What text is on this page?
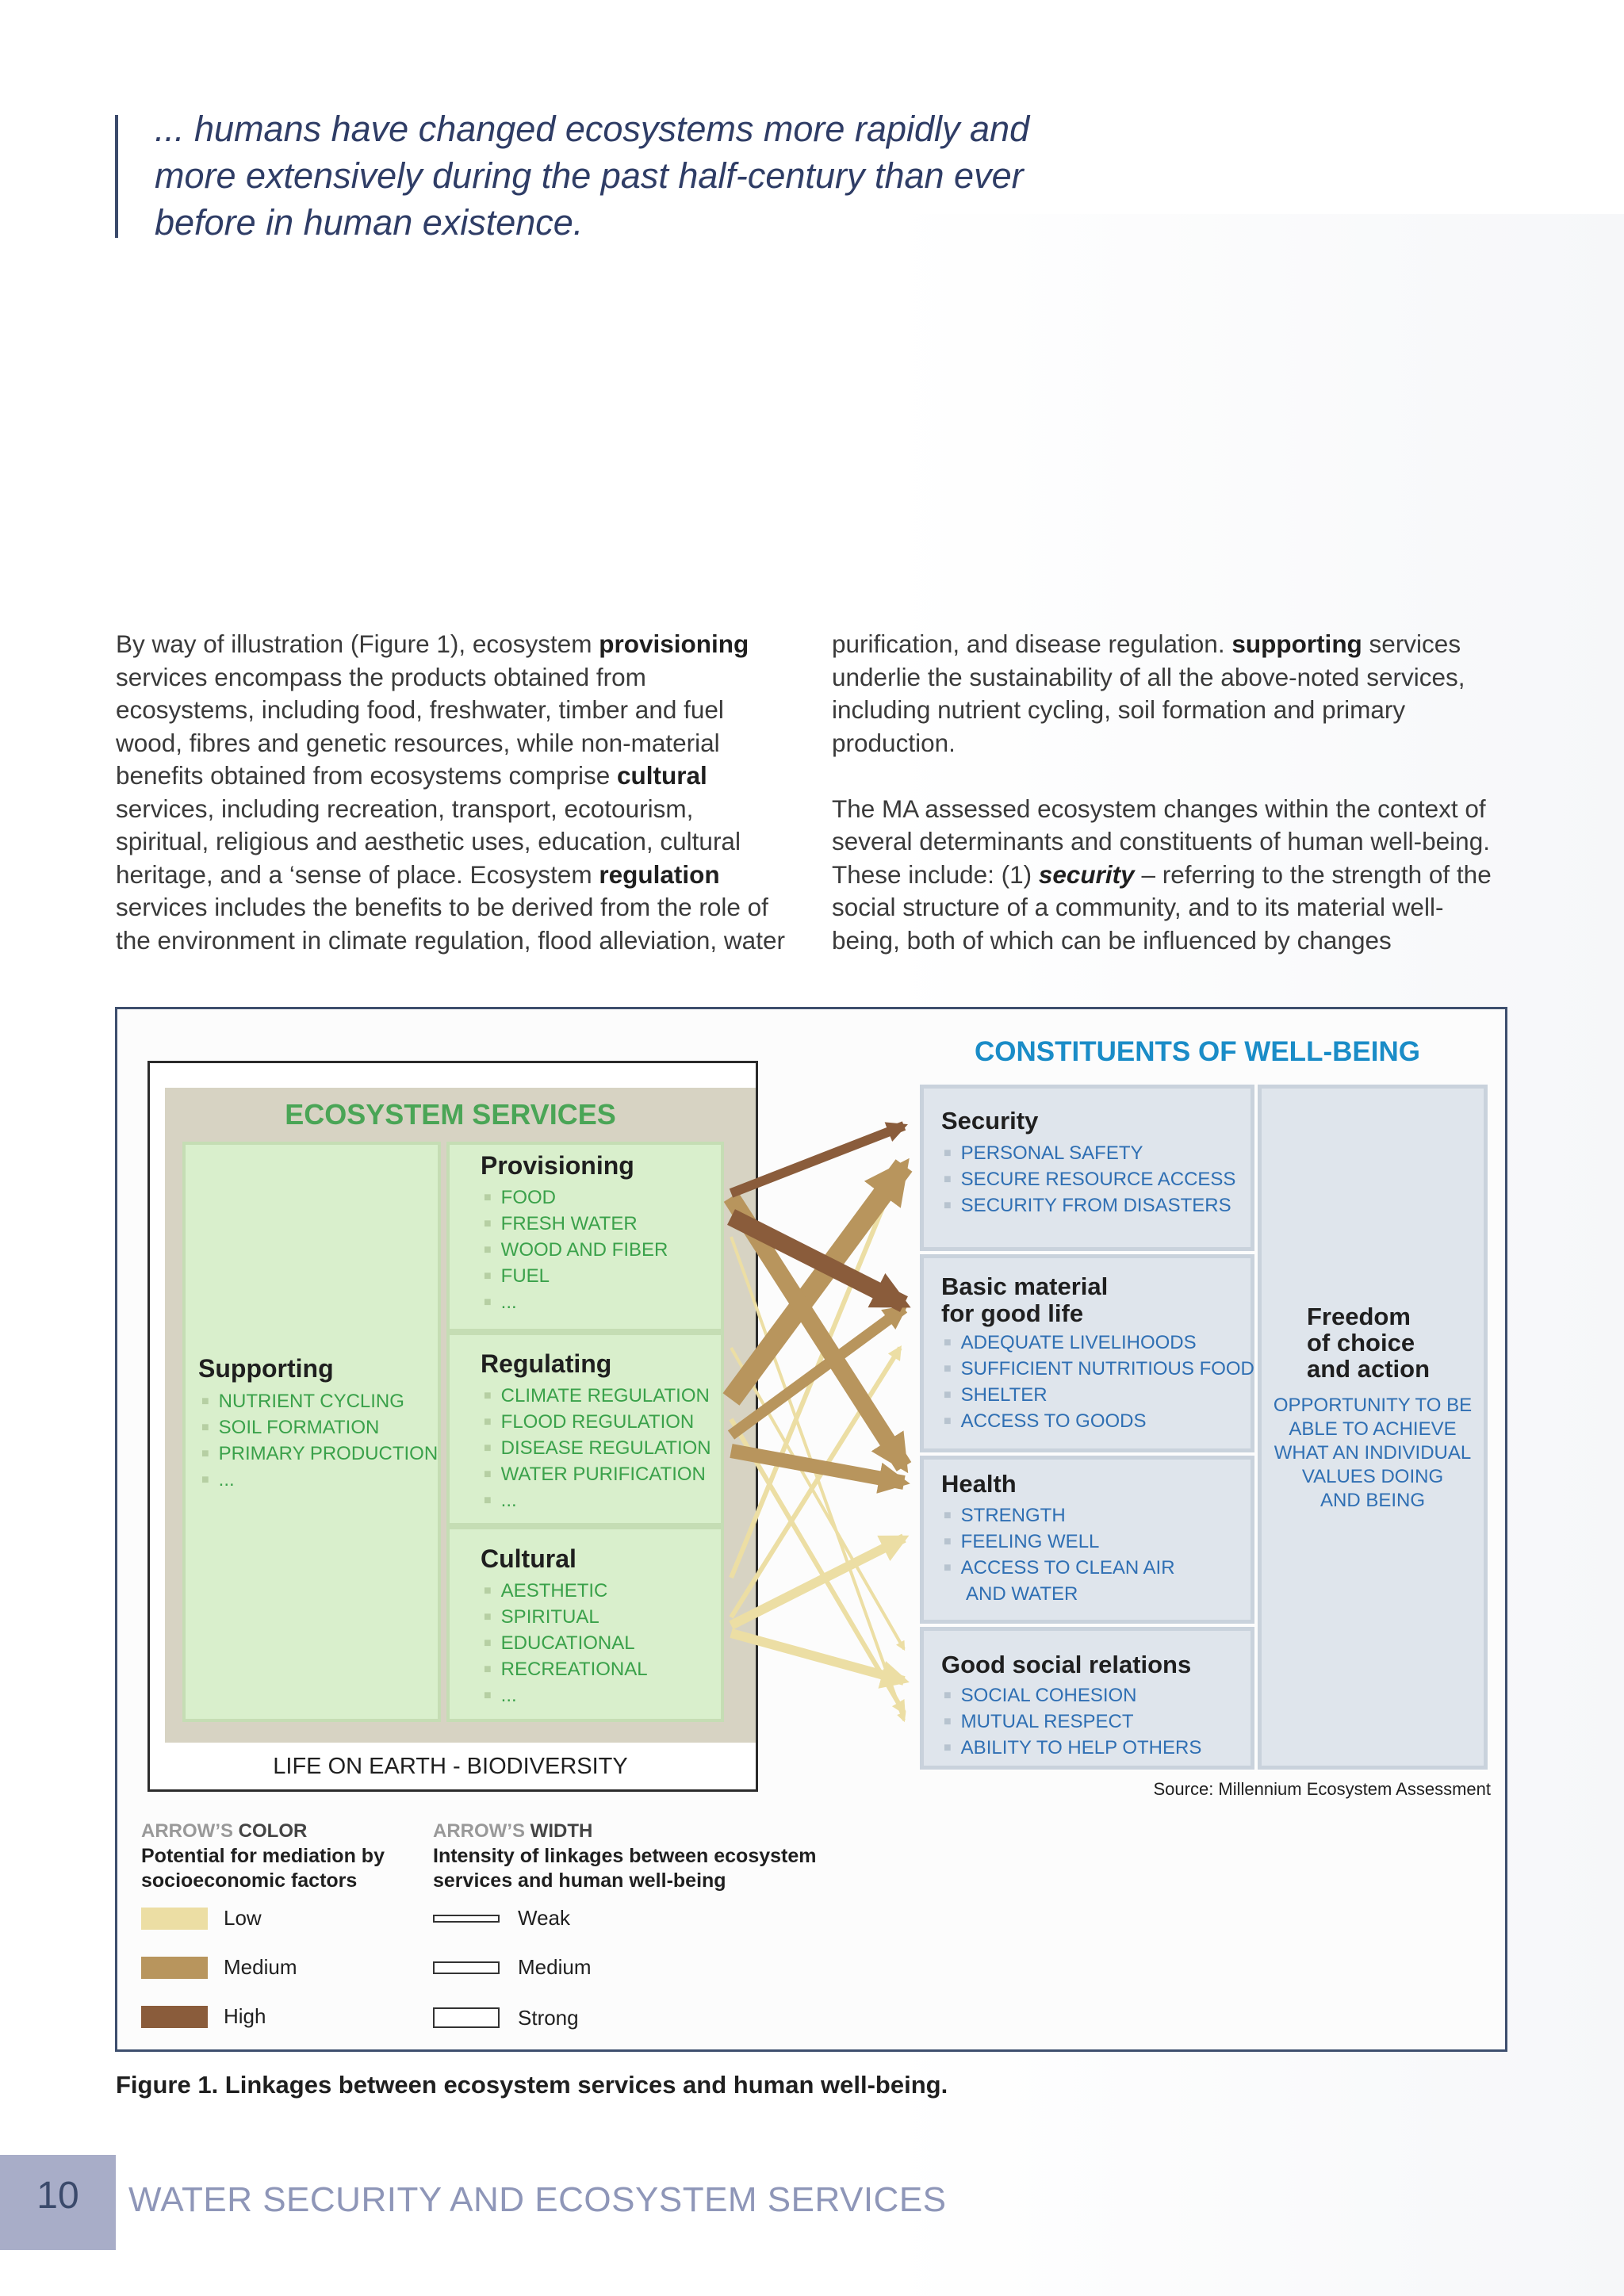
... humans have changed ecosystems more rapidly and
more extensively during the past half-century than ever
before in human existence.

By way of illustration (Figure 1), ecosystem provisioning services encompass the products obtained from ecosystems, including food, freshwater, timber and fuel wood, fibres and genetic resources, while non-material benefits obtained from ecosystems comprise cultural services, including recreation, transport, ecotourism, spiritual, religious and aesthetic uses, education, cultural heritage, and a ‘sense of place. Ecosystem regulation services includes the benefits to be derived from the role of the environment in climate regulation, flood alleviation, water

purification, and disease regulation. supporting services underlie the sustainability of all the above-noted services, including nutrient cycling, soil formation and primary production.

The MA assessed ecosystem changes within the context of several determinants and constituents of human well-being. These include: (1) security – referring to the strength of the social structure of a community, and to its material well-being, both of which can be influenced by changes

ECOSYSTEM SERVICES
Supporting
■ NUTRIENT CYCLING
■ SOIL FORMATION
■ PRIMARY PRODUCTION
■ ...
Provisioning
■ FOOD
■ FRESH WATER
■ WOOD AND FIBER
■ FUEL
■ ...
Regulating
■ CLIMATE REGULATION
■ FLOOD REGULATION
■ DISEASE REGULATION
■ WATER PURIFICATION
■ ...
Cultural
■ AESTHETIC
■ SPIRITUAL
■ EDUCATIONAL
■ RECREATIONAL
■ ...
LIFE ON EARTH - BIODIVERSITY
CONSTITUENTS OF WELL-BEING
Security
■ PERSONAL SAFETY
■ SECURE RESOURCE ACCESS
■ SECURITY FROM DISASTERS
Basic material
for good life
■ ADEQUATE LIVELIHOODS
■ SUFFICIENT NUTRITIOUS FOOD
■ SHELTER
■ ACCESS TO GOODS
Health
■ STRENGTH
■ FEELING WELL
■ ACCESS TO CLEAN AIR
AND WATER
Good social relations
■ SOCIAL COHESION
■ MUTUAL RESPECT
■ ABILITY TO HELP OTHERS
Freedom
of choice
and action
OPPORTUNITY TO BE
ABLE TO ACHIEVE
WHAT AN INDIVIDUAL
VALUES DOING
AND BEING
Source: Millennium Ecosystem Assessment
ARROW’S COLOR
Potential for mediation by
socioeconomic factors
ARROW’S WIDTH
Intensity of linkages between ecosystem
services and human well-being
Low
Medium
High
Weak
Medium
Strong
Figure 1. Linkages between ecosystem services and human well-being.
10	WATER SECURITY AND ECOSYSTEM SERVICES
